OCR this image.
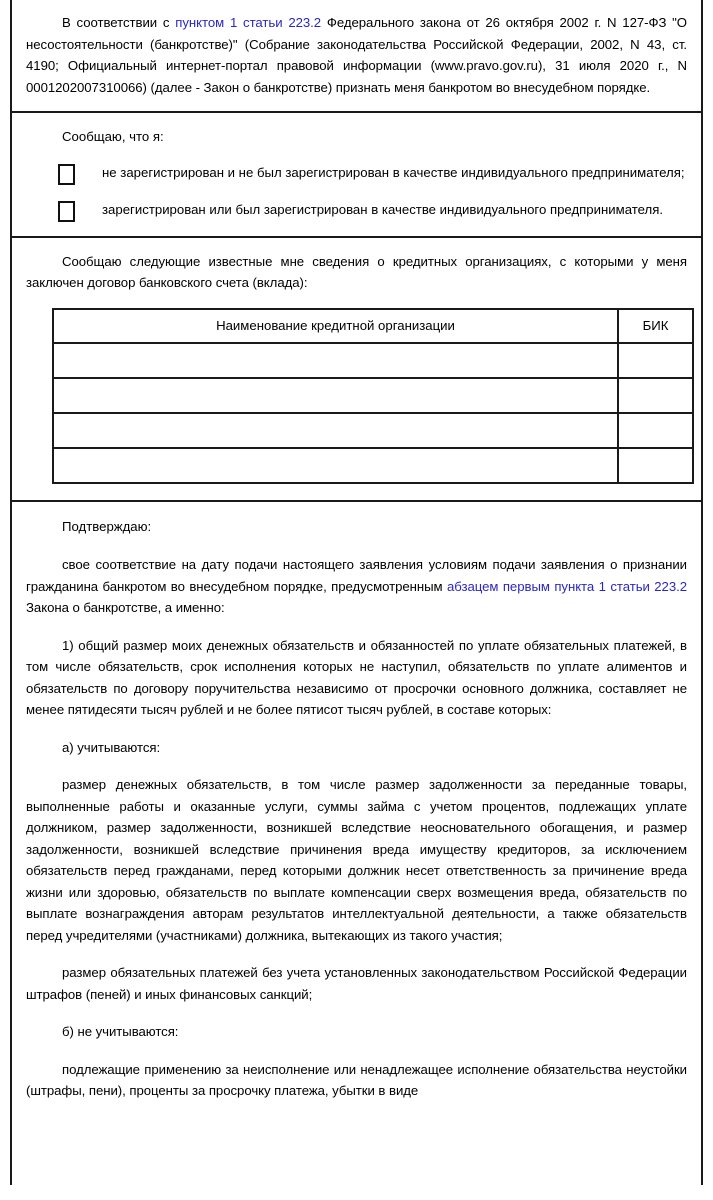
В соответствии с пунктом 1 статьи 223.2 Федерального закона от 26 октября 2002 г. N 127-ФЗ "О несостоятельности (банкротстве)" (Собрание законодательства Российской Федерации, 2002, N 43, ст. 4190; Официальный интернет-портал правовой информации (www.pravo.gov.ru), 31 июля 2020 г., N 0001202007310066) (далее - Закон о банкротстве) признать меня банкротом во внесудебном порядке.

Сообщаю, что я:

не зарегистрирован и не был зарегистрирован в качестве индивидуального предпринимателя;
зарегистрирован или был зарегистрирован в качестве индивидуального предпринимателя.

Сообщаю следующие известные мне сведения о кредитных организациях, с которыми у меня заключен договор банковского счета (вклада):

Наименование кредитной организации	БИК

Подтверждаю:

свое соответствие на дату подачи настоящего заявления условиям подачи заявления о признании гражданина банкротом во внесудебном порядке, предусмотренным абзацем первым пункта 1 статьи 223.2 Закона о банкротстве, а именно:

1) общий размер моих денежных обязательств и обязанностей по уплате обязательных платежей, в том числе обязательств, срок исполнения которых не наступил, обязательств по уплате алиментов и обязательств по договору поручительства независимо от просрочки основного должника, составляет не менее пятидесяти тысяч рублей и не более пятисот тысяч рублей, в составе которых:

а) учитываются:

размер денежных обязательств, в том числе размер задолженности за переданные товары, выполненные работы и оказанные услуги, суммы займа с учетом процентов, подлежащих уплате должником, размер задолженности, возникшей вследствие неосновательного обогащения, и размер задолженности, возникшей вследствие причинения вреда имуществу кредиторов, за исключением обязательств перед гражданами, перед которыми должник несет ответственность за причинение вреда жизни или здоровью, обязательств по выплате компенсации сверх возмещения вреда, обязательств по выплате вознаграждения авторам результатов интеллектуальной деятельности, а также обязательств перед учредителями (участниками) должника, вытекающих из такого участия;

размер обязательных платежей без учета установленных законодательством Российской Федерации штрафов (пеней) и иных финансовых санкций;

б) не учитываются:

подлежащие применению за неисполнение или ненадлежащее исполнение обязательства неустойки (штрафы, пени), проценты за просрочку платежа, убытки в виде
